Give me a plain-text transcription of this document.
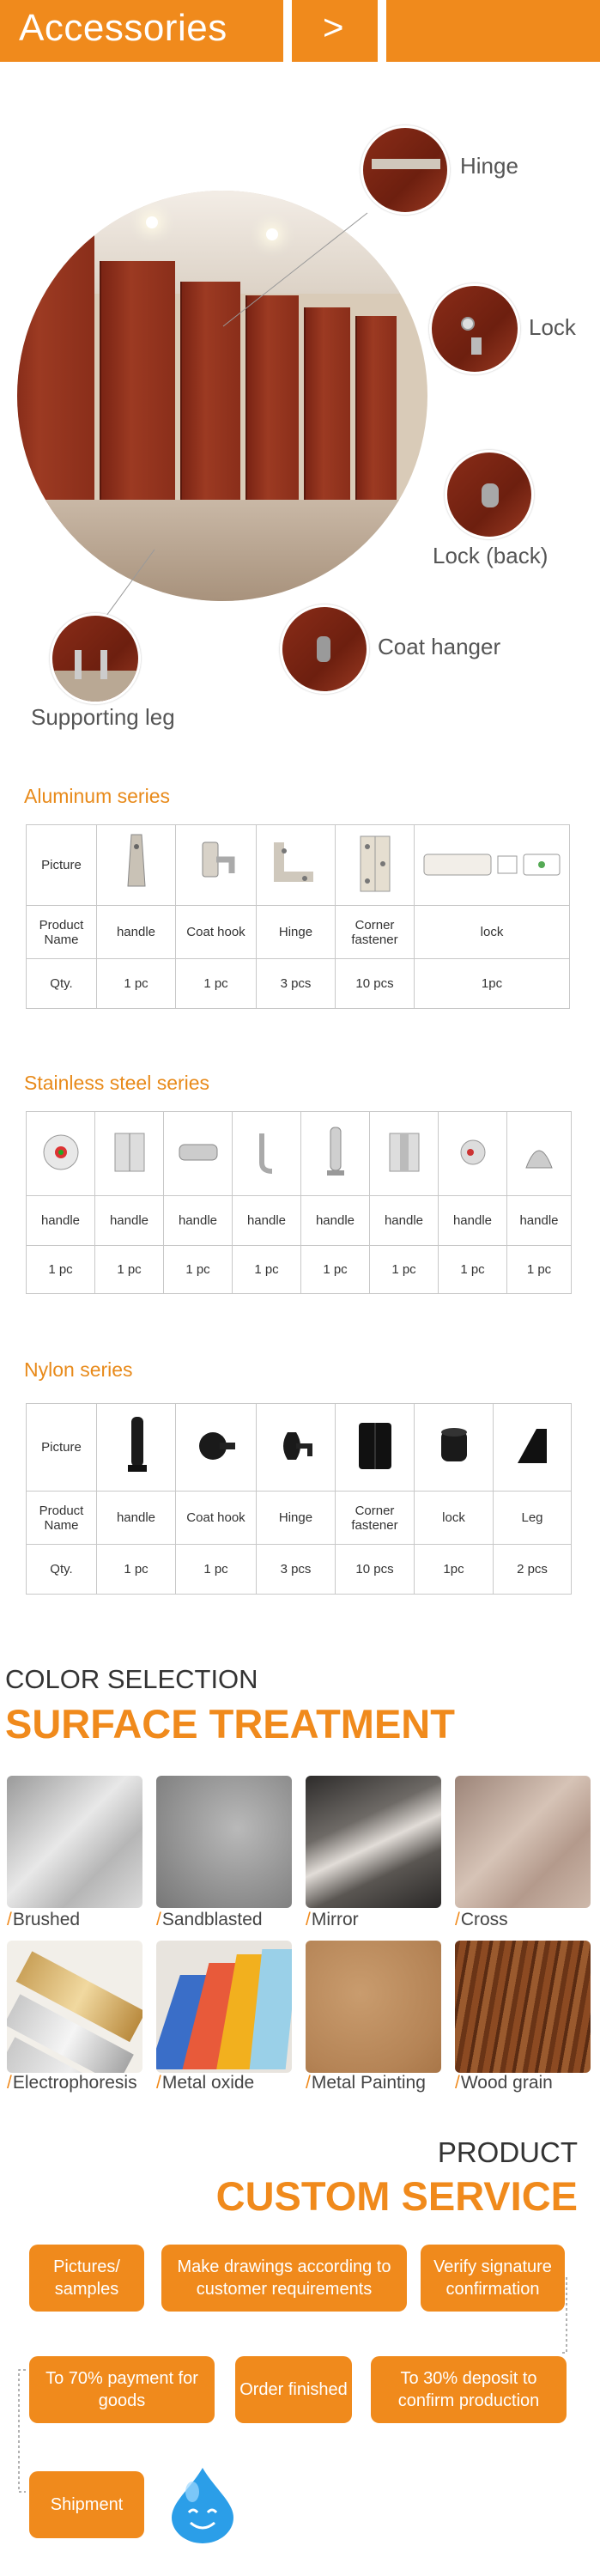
Accessories	>
Hinge
Lock
Lock (back)
Coat hanger
Supporting leg
Aluminum series
Picture					
Product Name	handle	Coat hook	Hinge	Corner fastener	lock
Qty.	1 pc	1 pc	3 pcs	10 pcs	1pc
Stainless steel series

handle	handle	handle	handle	handle	handle	handle	handle
1 pc	1 pc	1 pc	1 pc	1 pc	1 pc	1 pc	1 pc
Nylon series
Picture						
Product Name	handle	Coat hook	Hinge	Corner fastener	lock	Leg
Qty.	1 pc	1 pc	3 pcs	10 pcs	1pc	2 pcs
COLOR SELECTION
SURFACE TREATMENT
/Brushed	/Sandblasted /Mirror	/Cross
/Electrophoresis /Metal oxide	/Metal Painting /Wood grain
PRODUCT
CUSTOM SERVICE
Pictures/ samples
Make drawings according to customer requirements
Verify signature confirmation
To 70% payment for goods
Order finished
To 30% deposit to confirm production
Shipment
